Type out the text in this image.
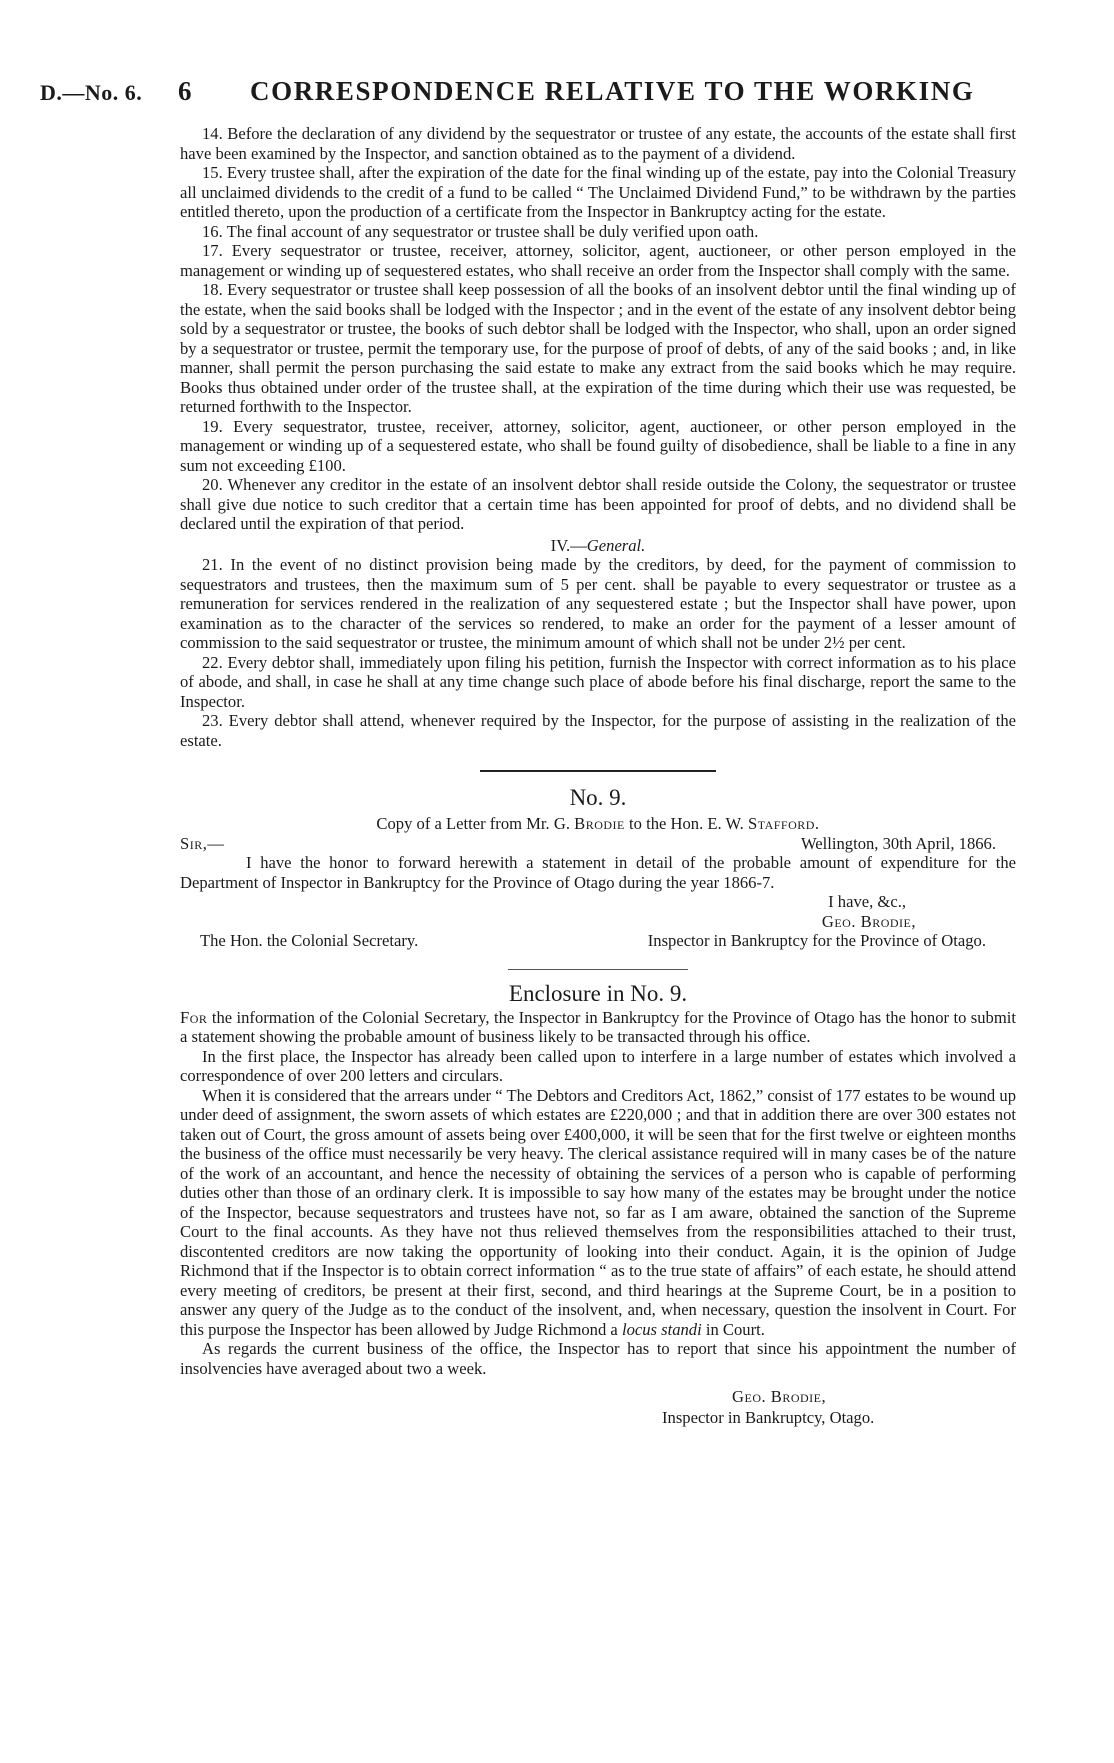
D.—No. 6. 6 CORRESPONDENCE RELATIVE TO THE WORKING

14. Before the declaration of any dividend by the sequestrator or trustee of any estate, the accounts of the estate shall first have been examined by the Inspector, and sanction obtained as to the payment of a dividend.

15. Every trustee shall, after the expiration of the date for the final winding up of the estate, pay into the Colonial Treasury all unclaimed dividends to the credit of a fund to be called “ The Unclaimed Dividend Fund,” to be withdrawn by the parties entitled thereto, upon the production of a certificate from the Inspector in Bankruptcy acting for the estate.

16. The final account of any sequestrator or trustee shall be duly verified upon oath.

17. Every sequestrator or trustee, receiver, attorney, solicitor, agent, auctioneer, or other person employed in the management or winding up of sequestered estates, who shall receive an order from the Inspector shall comply with the same.

18. Every sequestrator or trustee shall keep possession of all the books of an insolvent debtor until the final winding up of the estate, when the said books shall be lodged with the Inspector ; and in the event of the estate of any insolvent debtor being sold by a sequestrator or trustee, the books of such debtor shall be lodged with the Inspector, who shall, upon an order signed by a sequestrator or trustee, permit the temporary use, for the purpose of proof of debts, of any of the said books ; and, in like manner, shall permit the person purchasing the said estate to make any extract from the said books which he may require. Books thus obtained under order of the trustee shall, at the expiration of the time during which their use was requested, be returned forthwith to the Inspector.

19. Every sequestrator, trustee, receiver, attorney, solicitor, agent, auctioneer, or other person employed in the management or winding up of a sequestered estate, who shall be found guilty of disobedience, shall be liable to a fine in any sum not exceeding £100.

20. Whenever any creditor in the estate of an insolvent debtor shall reside outside the Colony, the sequestrator or trustee shall give due notice to such creditor that a certain time has been appointed for proof of debts, and no dividend shall be declared until the expiration of that period.

IV.—General.

21. In the event of no distinct provision being made by the creditors, by deed, for the payment of commission to sequestrators and trustees, then the maximum sum of 5 per cent. shall be payable to every sequestrator or trustee as a remuneration for services rendered in the realization of any sequestered estate ; but the Inspector shall have power, upon examination as to the character of the services so rendered, to make an order for the payment of a lesser amount of commission to the said sequestrator or trustee, the minimum amount of which shall not be under 2½ per cent.

22. Every debtor shall, immediately upon filing his petition, furnish the Inspector with correct information as to his place of abode, and shall, in case he shall at any time change such place of abode before his final discharge, report the same to the Inspector.

23. Every debtor shall attend, whenever required by the Inspector, for the purpose of assisting in the realization of the estate.

No. 9.

Copy of a Letter from Mr. G. Brodie to the Hon. E. W. Stafford.

Sir,—	Wellington, 30th April, 1866.

I have the honor to forward herewith a statement in detail of the probable amount of expenditure for the Department of Inspector in Bankruptcy for the Province of Otago during the year 1866-7.

I have, &c.,

Geo. Brodie,

The Hon. the Colonial Secretary.	Inspector in Bankruptcy for the Province of Otago.

Enclosure in No. 9.

For the information of the Colonial Secretary, the Inspector in Bankruptcy for the Province of Otago has the honor to submit a statement showing the probable amount of business likely to be transacted through his office.

In the first place, the Inspector has already been called upon to interfere in a large number of estates which involved a correspondence of over 200 letters and circulars.

When it is considered that the arrears under “ The Debtors and Creditors Act, 1862,” consist of 177 estates to be wound up under deed of assignment, the sworn assets of which estates are £220,000 ; and that in addition there are over 300 estates not taken out of Court, the gross amount of assets being over £400,000, it will be seen that for the first twelve or eighteen months the business of the office must necessarily be very heavy. The clerical assistance required will in many cases be of the nature of the work of an accountant, and hence the necessity of obtaining the services of a person who is capable of performing duties other than those of an ordinary clerk. It is impossible to say how many of the estates may be brought under the notice of the Inspector, because sequestrators and trustees have not, so far as I am aware, obtained the sanction of the Supreme Court to the final accounts. As they have not thus relieved themselves from the responsibilities attached to their trust, discontented creditors are now taking the opportunity of looking into their conduct. Again, it is the opinion of Judge Richmond that if the Inspector is to obtain correct information “ as to the true state of affairs” of each estate, he should attend every meeting of creditors, be present at their first, second, and third hearings at the Supreme Court, be in a position to answer any query of the Judge as to the conduct of the insolvent, and, when necessary, question the insolvent in Court. For this purpose the Inspector has been allowed by Judge Richmond a locus standi in Court.

As regards the current business of the office, the Inspector has to report that since his appointment the number of insolvencies have averaged about two a week.

Geo. Brodie,
Inspector in Bankruptcy, Otago.
